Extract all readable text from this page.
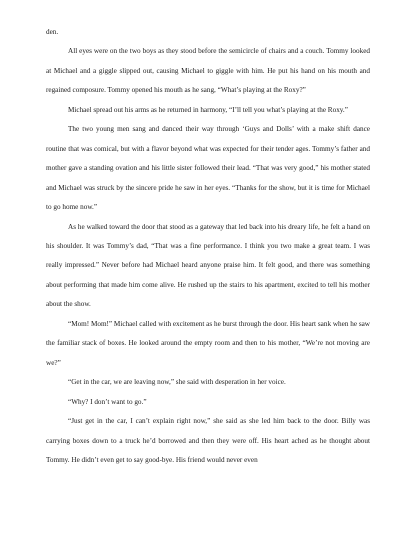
den.

All eyes were on the two boys as they stood before the semicircle of chairs and a couch. Tommy looked at Michael and a giggle slipped out, causing Michael to giggle with him. He put his hand on his mouth and regained composure. Tommy opened his mouth as he sang, “What’s playing at the Roxy?”

Michael spread out his arms as he returned in harmony, “I’ll tell you what’s playing at the Roxy.”

The two young men sang and danced their way through ‘Guys and Dolls’ with a make shift dance routine that was comical, but with a flavor beyond what was expected for their tender ages. Tommy’s father and mother gave a standing ovation and his little sister followed their lead. “That was very good,” his mother stated and Michael was struck by the sincere pride he saw in her eyes. “Thanks for the show, but it is time for Michael to go home now.”

As he walked toward the door that stood as a gateway that led back into his dreary life, he felt a hand on his shoulder. It was Tommy’s dad, “That was a fine performance. I think you two make a great team. I was really impressed.” Never before had Michael heard anyone praise him. It felt good, and there was something about performing that made him come alive. He rushed up the stairs to his apartment, excited to tell his mother about the show.

“Mom! Mom!” Michael called with excitement as he burst through the door. His heart sank when he saw the familiar stack of boxes. He looked around the empty room and then to his mother, “We’re not moving are we?”

“Get in the car, we are leaving now,” she said with desperation in her voice.

“Why? I don’t want to go.”

“Just get in the car, I can’t explain right now,” she said as she led him back to the door. Billy was carrying boxes down to a truck he’d borrowed and then they were off. His heart ached as he thought about Tommy. He didn’t even get to say good-bye. His friend would never even
